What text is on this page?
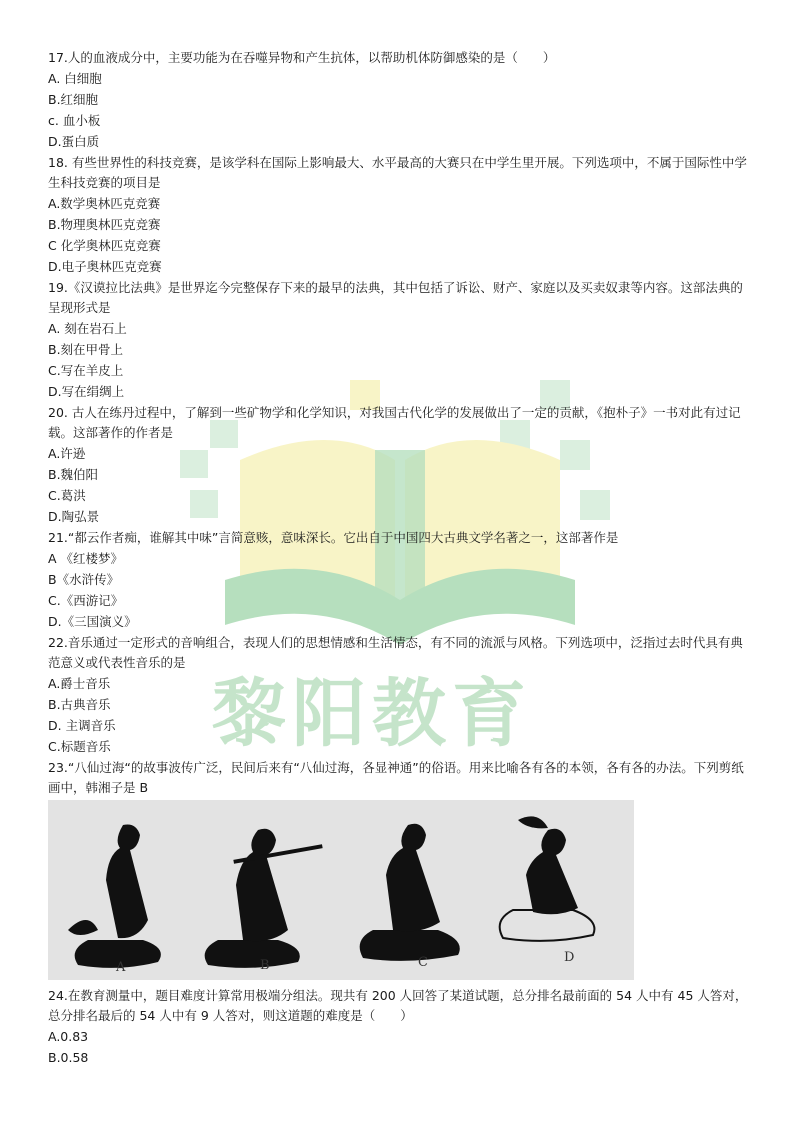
黎阳教育
17.人的血液成分中，主要功能为在吞噬异物和产生抗体，以帮助机体防御感染的是（　　）
A. 白细胞
B.红细胞
c. 血小板
D.蛋白质
18. 有些世界性的科技竞赛，是该学科在国际上影响最大、水平最高的大赛只在中学生里开展。下列选项中，不属于国际性中学生科技竞赛的项目是
A.数学奥林匹克竞赛
B.物理奥林匹克竞赛
C 化学奥林匹克竞赛
D.电子奥林匹克竞赛
19.《汉谟拉比法典》是世界迄今完整保存下来的最早的法典，其中包括了诉讼、财产、家庭以及买卖奴隶等内容。这部法典的呈现形式是
A. 刻在岩石上
B.刻在甲骨上
C.写在羊皮上
D.写在绢绸上
20. 古人在练丹过程中，了解到一些矿物学和化学知识，对我国古代化学的发展做出了一定的贡献，《抱朴子》一书对此有过记载。这部著作的作者是
A.许逊
B.魏伯阳
C.葛洪
D.陶弘景
21.“都云作者痴，谁解其中味”言简意赅，意味深长。它出自于中国四大古典文学名著之一，这部著作是
A 《红楼梦》
B《水浒传》
C.《西游记》
D.《三国演义》
22.音乐通过一定形式的音响组合，表现人们的思想情感和生活情态，有不同的流派与风格。下列选项中，泛指过去时代具有典范意义或代表性音乐的是
A.爵士音乐
B.古典音乐
D. 主调音乐
C.标题音乐
23.“八仙过海“的故事波传广泛，民间后来有“八仙过海，各显神通”的俗语。用来比喻各有各的本领，各有各的办法。下列剪纸画中，韩湘子是 B
A	B	C	D
24.在教育测量中，题目难度计算常用极端分组法。现共有 200 人回答了某道试题，总分排名最前面的 54 人中有 45 人答对，总分排名最后的 54 人中有 9 人答对，则这道题的难度是（　　）
A.0.83
B.0.58
